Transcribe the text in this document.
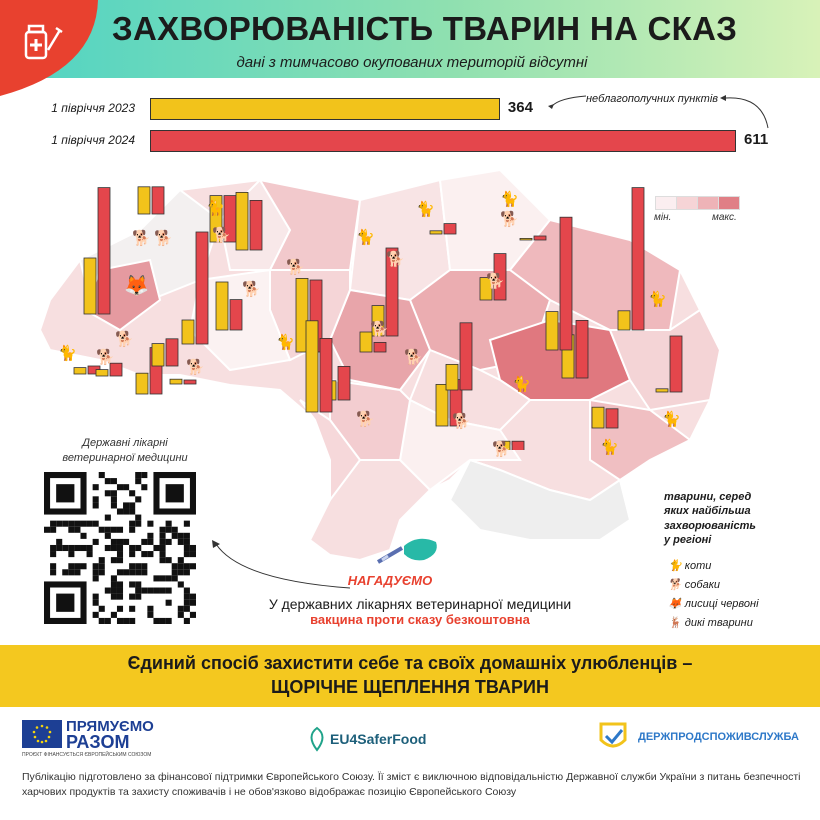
ЗАХВОРЮВАНІСТЬ ТВАРИН НА СКАЗ
дані з тимчасово окупованих територій відсутні
1 півріччя 2023
1 півріччя 2024
364
611
неблагополучних пунктів
🦊
🐈
🐕
🐈
🐕 🐕
🐈
🐕
🐕
🐈
🐕
🐕
🐈
🐕
🐕
🐕
🐈
🐈
🐕
🐈 🐕
🐕
🐕	🐕
🐕	🐈
🐈
мін.	макс.
Державні лікарні
ветеринарної медицини
НАГАДУЄМО
У державних лікарнях ветеринарної медицини
вакцина проти сказу безкоштовна
тварини, серед
яких найбільша
захворюваність
у регіоні
🐈 коти
🐕 собаки
🦊 лисиці червоні
🦌 дикі тварини
Єдиний спосіб захистити себе та своїх домашніх улюбленців –
ЩОРІЧНЕ ЩЕПЛЕННЯ ТВАРИН
ПРЯМУЄМО
РАЗОМ
ПРОЄКТ ФІНАНСУЄТЬСЯ ЄВРОПЕЙСЬКИМ СОЮЗОМ
EU4SaferFood	ДЕРЖПРОДСПОЖИВСЛУЖБА
Публікацію підготовлено за фінансової підтримки Європейського Союзу. Її зміст є виключною відповідальністю Державної служби України з питань безпечності харчових продуктів та захисту споживачів і не обов'язково відображає позицію Європейського Союзу
